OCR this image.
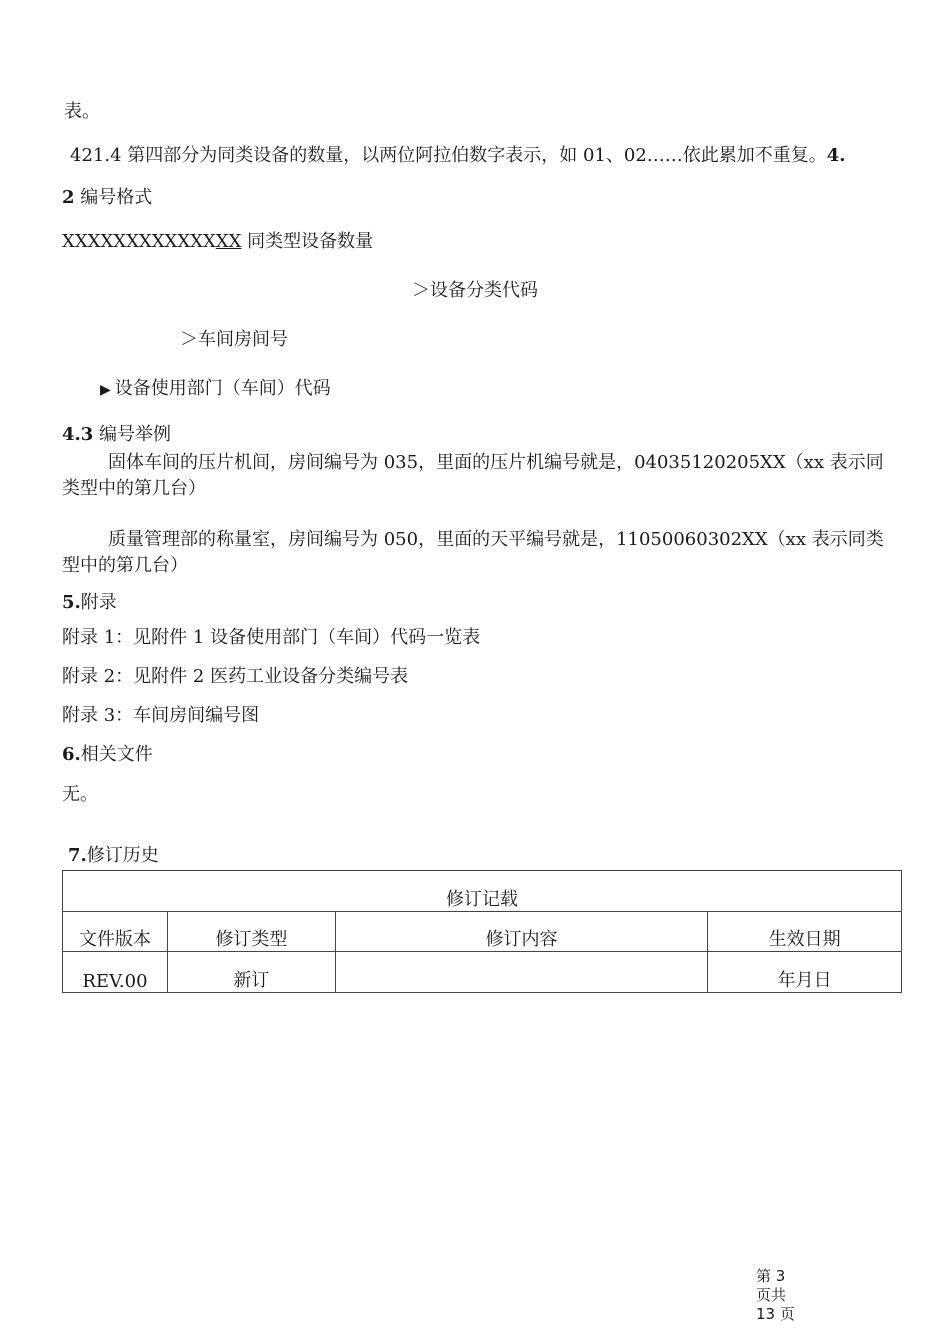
表。
421.4 第四部分为同类设备的数量，以两位阿拉伯数字表示，如 01、02……依此累加不重复。4.
2 编号格式
XXXXXXXXXXXXXX 同类型设备数量
＞设备分类代码
＞车间房间号
▶ 设备使用部门（车间）代码
4.3 编号举例
固体车间的压片机间，房间编号为 035，里面的压片机编号就是，04035120205XX（xx 表示同类型中的第几台）
质量管理部的称量室，房间编号为 050，里面的天平编号就是，11050060302XX（xx 表示同类型中的第几台）
5.附录
附录 1：见附件 1 设备使用部门（车间）代码一览表
附录 2：见附件 2 医药工业设备分类编号表
附录 3：车间房间编号图
6.相关文件
无。
7.修订历史
修订记载			
文件版本	修订类型	修订内容	生效日期
REV.00	新订		年月日
第 3
页共
13 页
